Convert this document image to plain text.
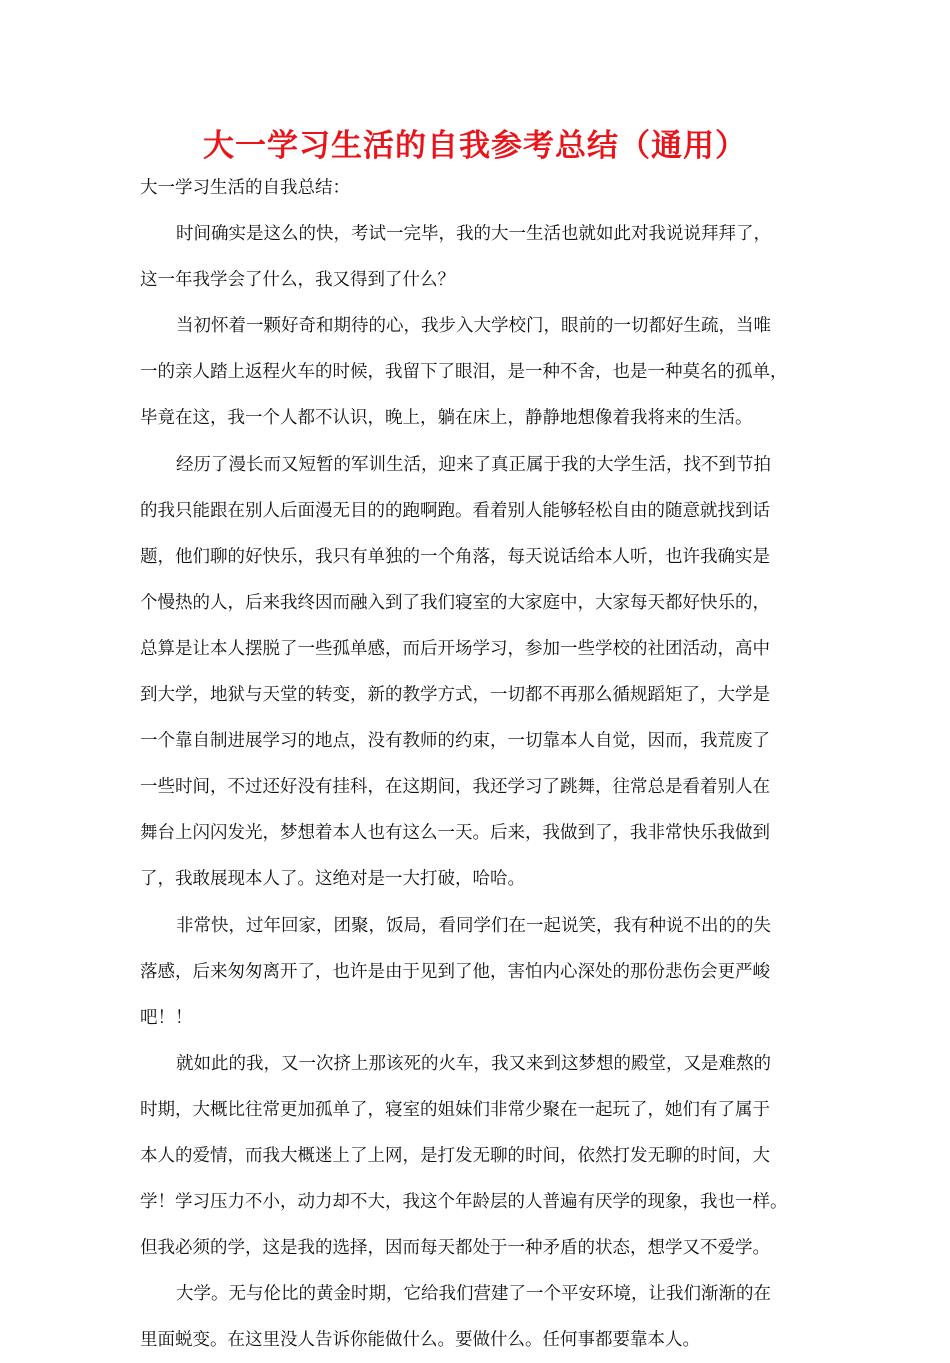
大一学习生活的自我参考总结（通用）
大一学习生活的自我总结：
时间确实是这么的快，考试一完毕，我的大一生活也就如此对我说说拜拜了，
这一年我学会了什么，我又得到了什么？
当初怀着一颗好奇和期待的心，我步入大学校门，眼前的一切都好生疏，当唯
一的亲人踏上返程火车的时候，我留下了眼泪，是一种不舍，也是一种莫名的孤单，
毕竟在这，我一个人都不认识，晚上，躺在床上，静静地想像着我将来的生活。
经历了漫长而又短暂的军训生活，迎来了真正属于我的大学生活，找不到节拍
的我只能跟在别人后面漫无目的的跑啊跑。看着别人能够轻松自由的随意就找到话
题，他们聊的好快乐，我只有单独的一个角落，每天说话给本人听，也许我确实是
个慢热的人，后来我终因而融入到了我们寝室的大家庭中，大家每天都好快乐的，
总算是让本人摆脱了一些孤单感，而后开场学习，参加一些学校的社团活动，高中
到大学，地狱与天堂的转变，新的教学方式，一切都不再那么循规蹈矩了，大学是
一个靠自制进展学习的地点，没有教师的约束，一切靠本人自觉，因而，我荒废了
一些时间，不过还好没有挂科，在这期间，我还学习了跳舞，往常总是看着别人在
舞台上闪闪发光，梦想着本人也有这么一天。后来，我做到了，我非常快乐我做到
了，我敢展现本人了。这绝对是一大打破，哈哈。
非常快，过年回家，团聚，饭局，看同学们在一起说笑，我有种说不出的的失
落感，后来匆匆离开了，也许是由于见到了他，害怕内心深处的那份悲伤会更严峻
吧！！
就如此的我，又一次挤上那该死的火车，我又来到这梦想的殿堂，又是难熬的
时期，大概比往常更加孤单了，寝室的姐妹们非常少聚在一起玩了，她们有了属于
本人的爱情，而我大概迷上了上网，是打发无聊的时间，依然打发无聊的时间，大
学！学习压力不小，动力却不大，我这个年龄层的人普遍有厌学的现象，我也一样。
但我必须的学，这是我的选择，因而每天都处于一种矛盾的状态，想学又不爱学。
大学。无与伦比的黄金时期，它给我们营建了一个平安环境，让我们渐渐的在
里面蜕变。在这里没人告诉你能做什么。要做什么。任何事都要靠本人。
